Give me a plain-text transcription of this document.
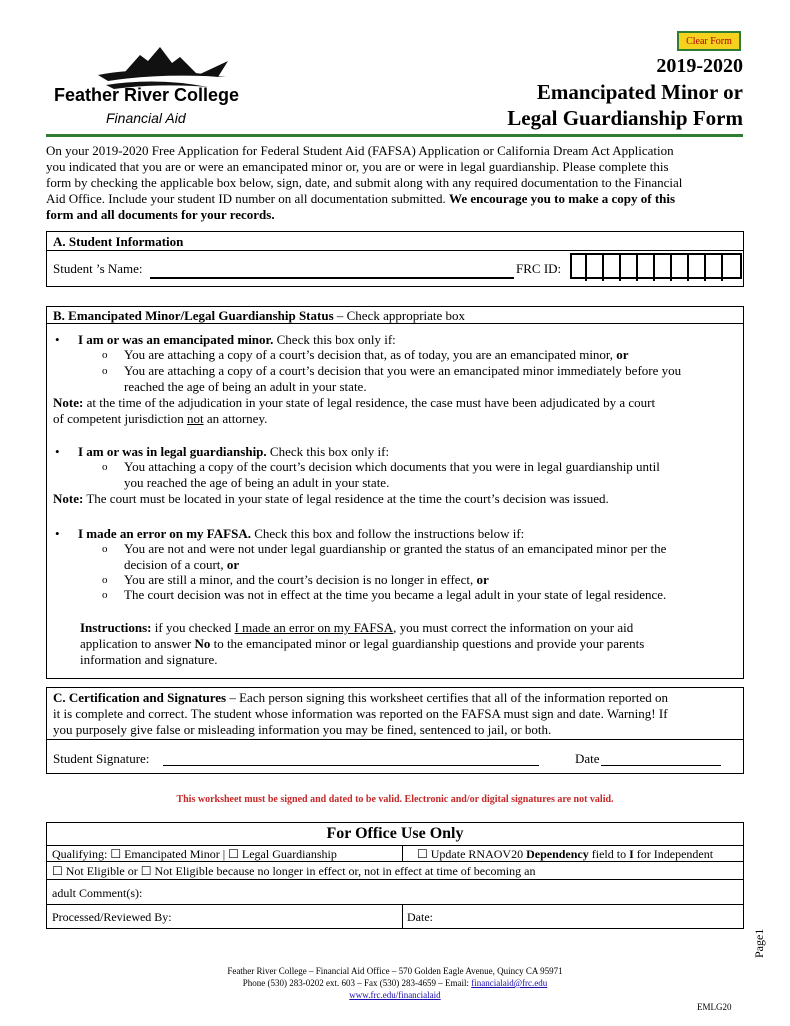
Feather River College
Financial Aid
Clear Form
2019-2020
Emancipated Minor or
Legal Guardianship Form
On your 2019-2020 Free Application for Federal Student Aid (FAFSA) Application or California Dream Act Application
you indicated that you are or were an emancipated minor or, you are or were in legal guardianship. Please complete this
form by checking the applicable box below, sign, date, and submit along with any required documentation to the Financial
Aid Office. Include your student ID number on all documentation submitted. We encourage you to make a copy of this
form and all documents for your records.
A. Student Information
Student ’s Name:	FRC ID:
B. Emancipated Minor/Legal Guardianship Status – Check appropriate box
• I am or was an emancipated minor. Check this box only if:
o You are attaching a copy of a court’s decision that, as of today, you are an emancipated minor, or
o You are attaching a copy of a court’s decision that you were an emancipated minor immediately before you
reached the age of being an adult in your state.
Note: at the time of the adjudication in your state of legal residence, the case must have been adjudicated by a court
of competent jurisdiction not an attorney.
• I am or was in legal guardianship. Check this box only if:
o You attaching a copy of the court’s decision which documents that you were in legal guardianship until
you reached the age of being an adult in your state.
Note: The court must be located in your state of legal residence at the time the court’s decision was issued.
• I made an error on my FAFSA. Check this box and follow the instructions below if:
o You are not and were not under legal guardianship or granted the status of an emancipated minor per the
decision of a court, or
o You are still a minor, and the court’s decision is no longer in effect, or
o The court decision was not in effect at the time you became a legal adult in your state of legal residence.
Instructions: if you checked I made an error on my FAFSA, you must correct the information on your aid
application to answer No to the emancipated minor or legal guardianship questions and provide your parents
information and signature.
C. Certification and Signatures – Each person signing this worksheet certifies that all of the information reported on
it is complete and correct. The student whose information was reported on the FAFSA must sign and date. Warning! If
you purposely give false or misleading information you may be fined, sentenced to jail, or both.
Student Signature:	Date
This worksheet must be signed and dated to be valid. Electronic and/or digital signatures are not valid.
For Office Use Only
Qualifying: ☐ Emancipated Minor | ☐ Legal Guardianship	☐ Update RNAOV20 Dependency field to I for Independent
☐ Not Eligible or ☐ Not Eligible because no longer in effect or, not in effect at time of becoming an
adult Comment(s):
Processed/Reviewed By:	Date:
Page1
Feather River College – Financial Aid Office – 570 Golden Eagle Avenue, Quincy CA 95971
Phone (530) 283-0202 ext. 603 – Fax (530) 283-4659 – Email: financialaid@frc.edu
www.frc.edu/financialaid
EMLG20
